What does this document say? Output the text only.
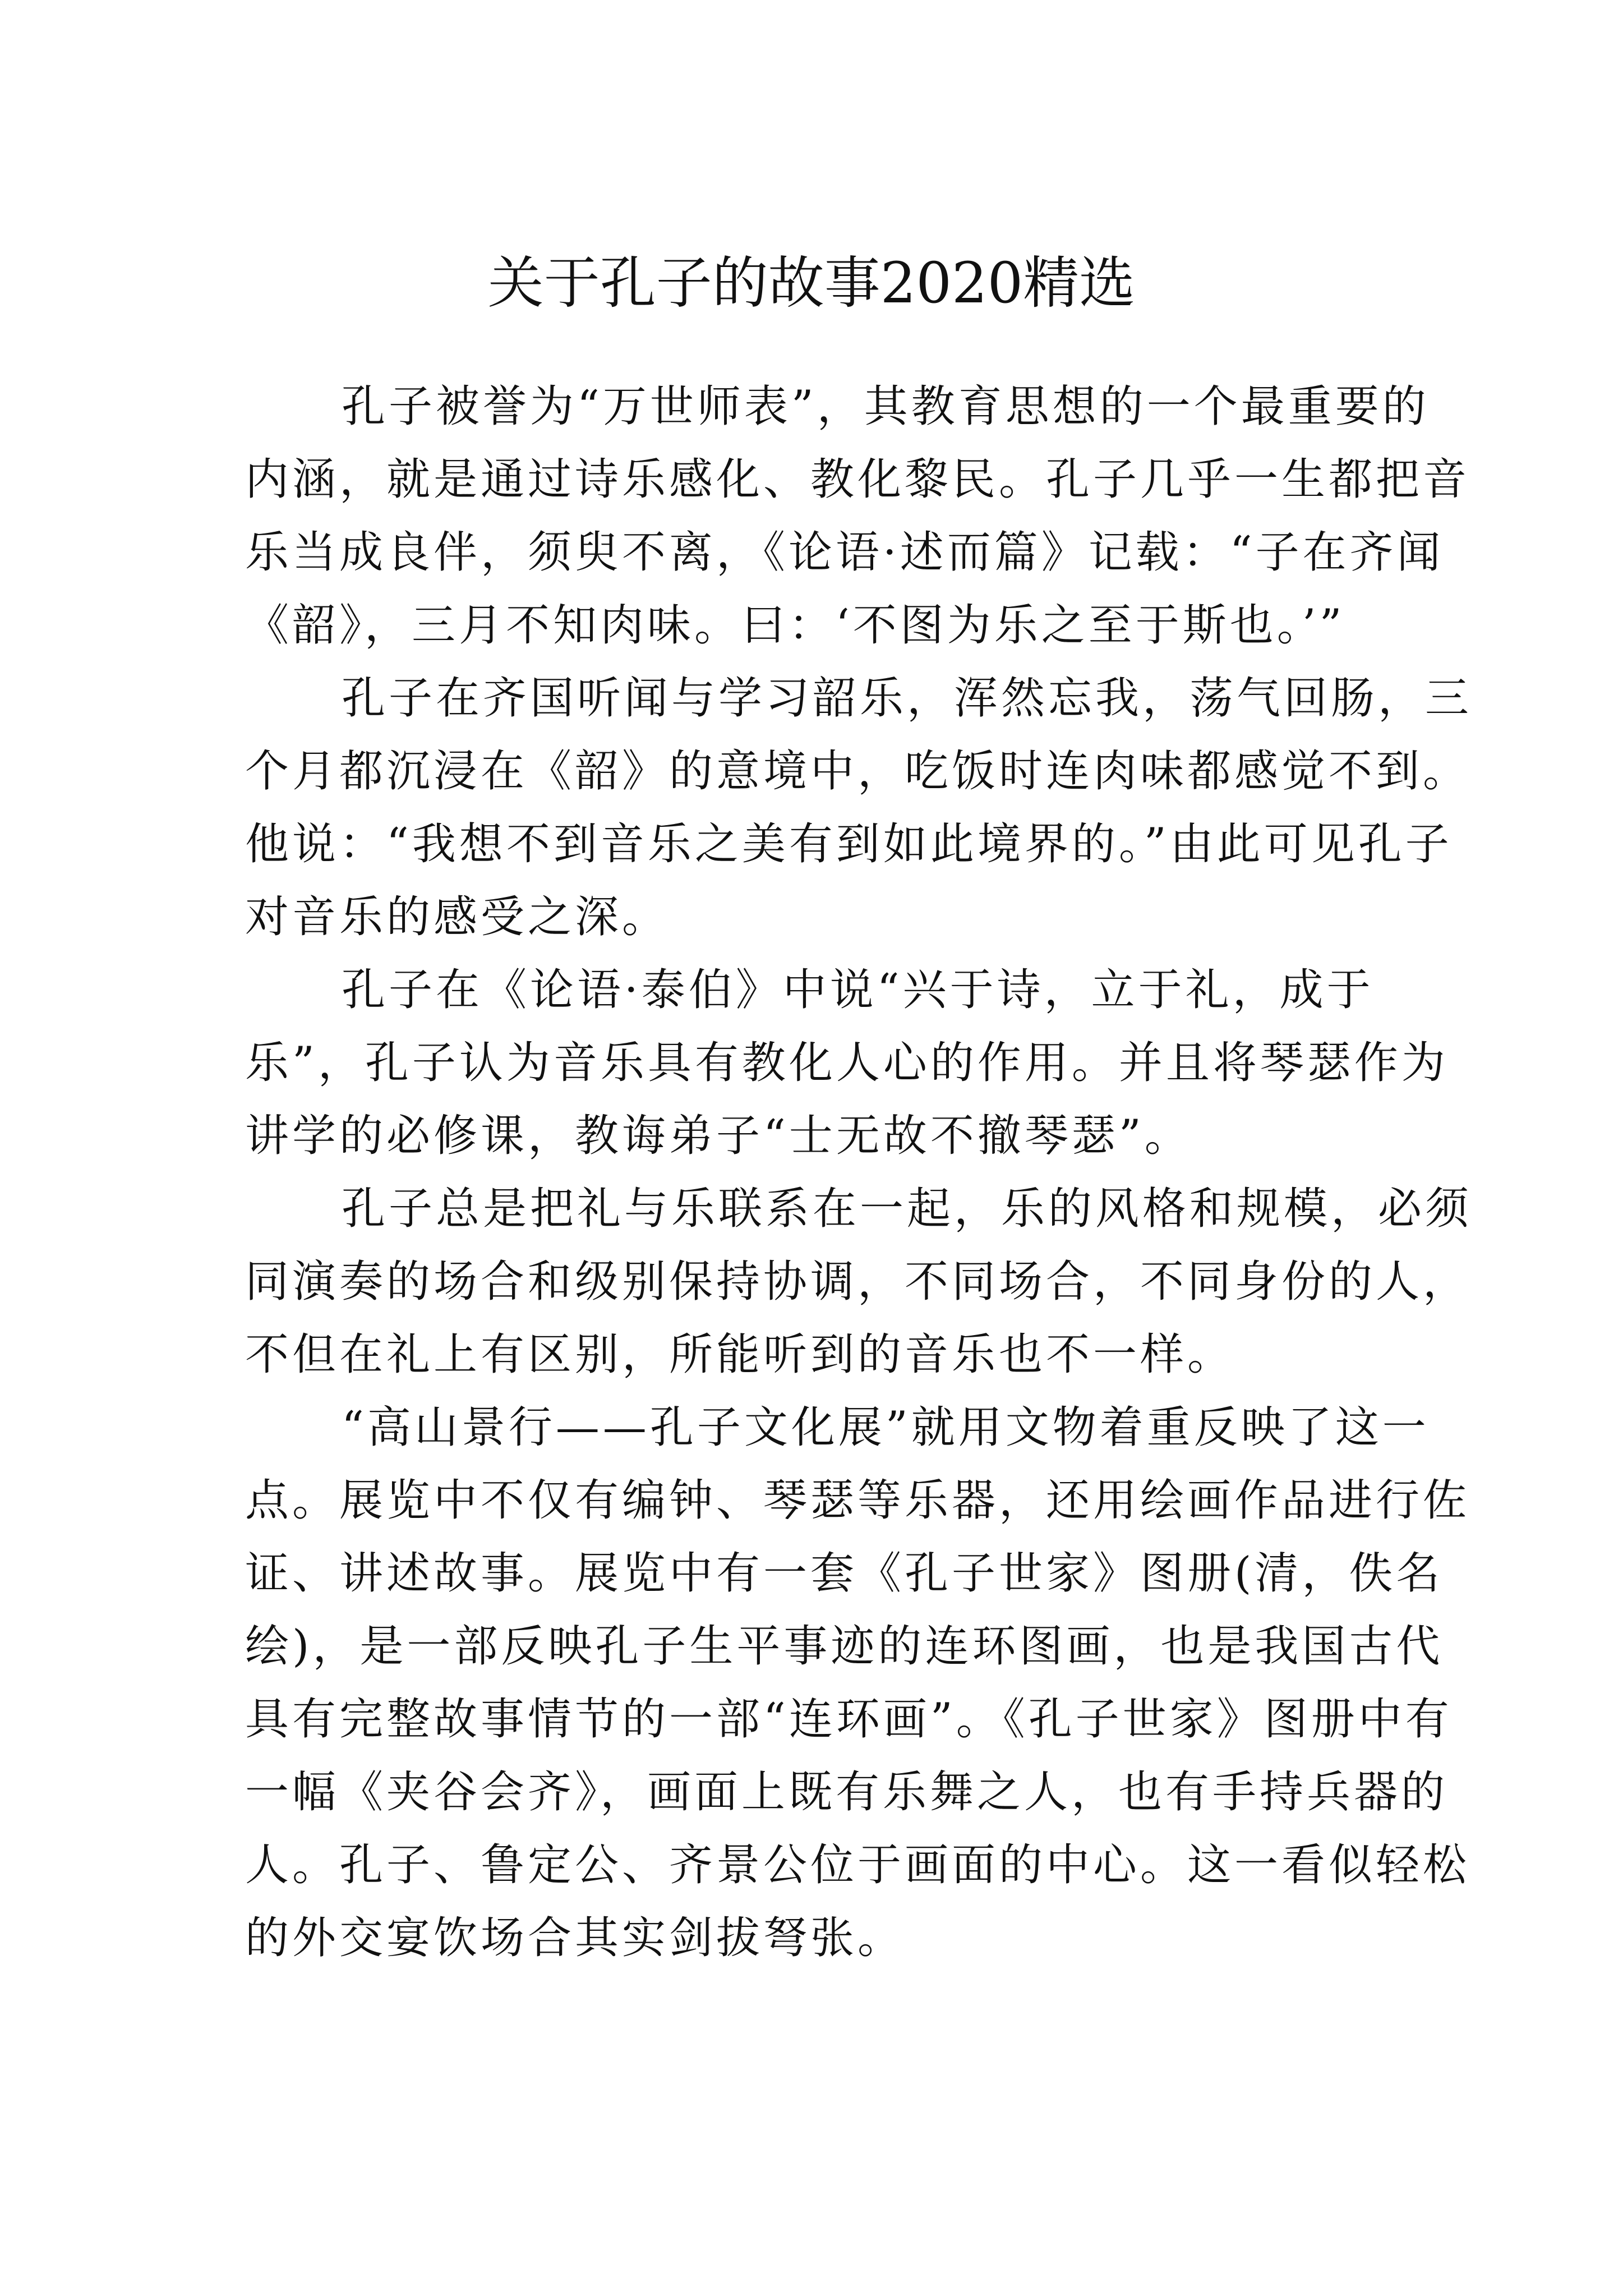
关于孔子的故事2020精选
孔子被誉为“万世师表”，其教育思想的一个最重要的
内涵，就是通过诗乐感化、教化黎民。孔子几乎一生都把音
乐当成良伴，须臾不离，《论语·述而篇》记载：“子在齐闻
《韶》，三月不知肉味。曰：‘不图为乐之至于斯也。’”
孔子在齐国听闻与学习韶乐，浑然忘我，荡气回肠，三
个月都沉浸在《韶》的意境中，吃饭时连肉味都感觉不到。
他说：“我想不到音乐之美有到如此境界的。”由此可见孔子
对音乐的感受之深。
孔子在《论语·泰伯》中说“兴于诗，立于礼，成于
乐”，孔子认为音乐具有教化人心的作用。并且将琴瑟作为
讲学的必修课，教诲弟子“士无故不撤琴瑟”。
孔子总是把礼与乐联系在一起，乐的风格和规模，必须
同演奏的场合和级别保持协调，不同场合，不同身份的人，
不但在礼上有区别，所能听到的音乐也不一样。
“高山景行——孔子文化展”就用文物着重反映了这一
点。展览中不仅有编钟、琴瑟等乐器，还用绘画作品进行佐
证、讲述故事。展览中有一套《孔子世家》图册(清，佚名
绘)，是一部反映孔子生平事迹的连环图画，也是我国古代
具有完整故事情节的一部“连环画”。《孔子世家》图册中有
一幅《夹谷会齐》，画面上既有乐舞之人，也有手持兵器的
人。孔子、鲁定公、齐景公位于画面的中心。这一看似轻松
的外交宴饮场合其实剑拔弩张。
